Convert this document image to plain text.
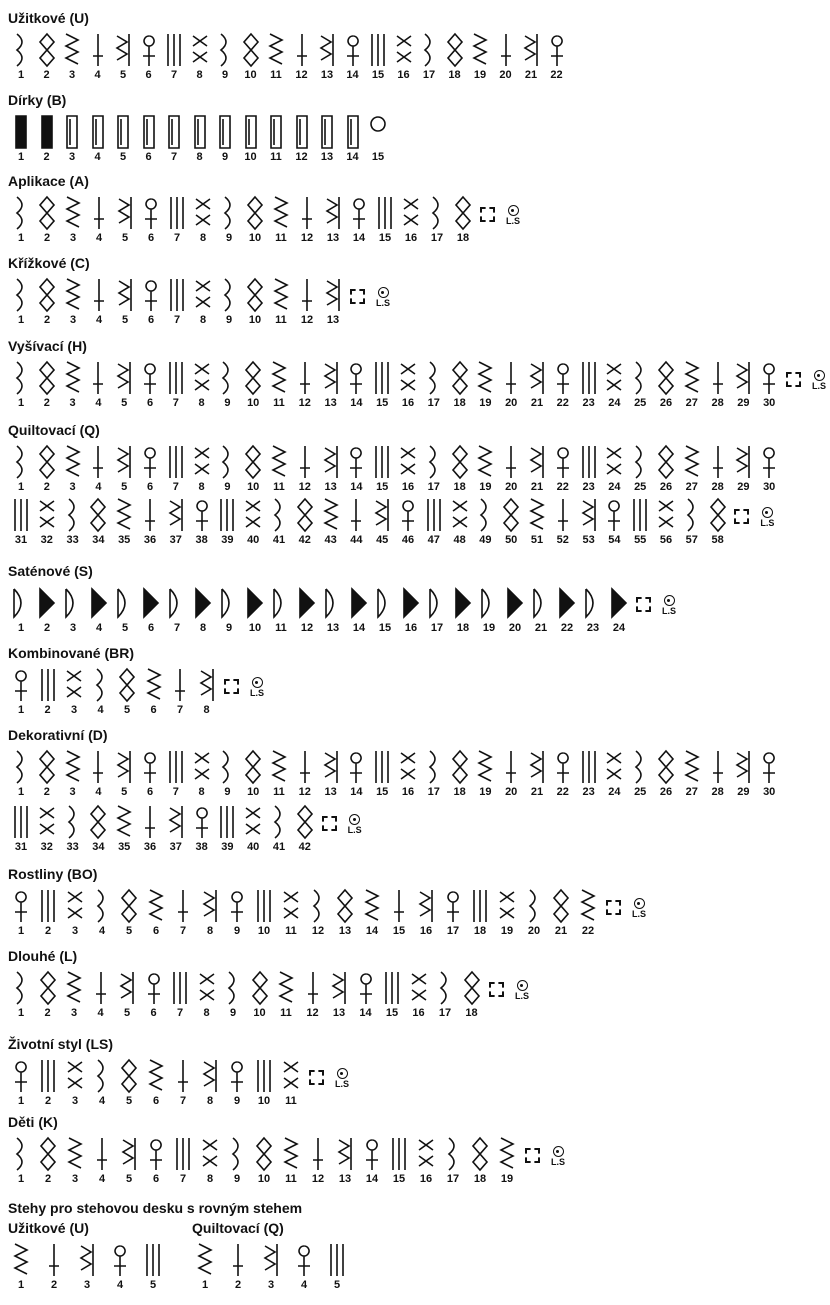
Užitkové (U)
1	2	3	4	5	6	7	8	9	10	11	12	13	14	15	16	17	18	19	20	21	22
Dírky (B)
1	2	3	4	5	6	7	8	9	10	11	12	13	14	15
Aplikace (A)
1	2	3	4	5	6	7	8	9	10	11	12	13	14	15	16	17	18
L.S
Křížkové (C)
1	2	3	4	5	6	7	8	9	10	11	12	13
L.S
Vyšívací (H)
1	2	3	4	5	6	7	8	9	10	11	12	13	14	15	16	17	18	19	20	21	22	23	24	25	26	27	28	29	30
L.S
Quiltovací (Q)
1	2	3	4	5	6	7	8	9	10	11	12	13	14	15	16	17	18	19	20	21	22	23	24	25	26	27	28	29	30
31	32	33	34	35	36	37	38	39	40	41	42	43	44	45	46	47	48	49	50	51	52	53	54	55	56	57	58
L.S
Saténové (S)
1	2	3	4	5	6	7	8	9	10	11	12	13	14	15	16	17	18	19	20	21	22	23	24
L.S
Kombinované (BR)
1	2	3	4	5	6	7	8
L.S
Dekorativní (D)
1	2	3	4	5	6	7	8	9	10	11	12	13	14	15	16	17	18	19	20	21	22	23	24	25	26	27	28	29	30
31	32	33	34	35	36	37	38	39	40	41	42
L.S
Rostliny (BO)
1	2	3	4	5	6	7	8	9	10	11	12	13	14	15	16	17	18	19	20	21	22
L.S
Dlouhé (L)
1	2	3	4	5	6	7	8	9	10	11	12	13	14	15	16	17	18
L.S
Životní styl (LS)
1	2	3	4	5	6	7	8	9	10	11
L.S
Děti (K)
1	2	3	4	5	6	7	8	9	10	11	12	13	14	15	16	17	18	19
L.S
Stehy pro stehovou desku s rovným stehem
Užitkové (U)
1	2	3	4	5
Quiltovací (Q)
1	2	3	4	5
